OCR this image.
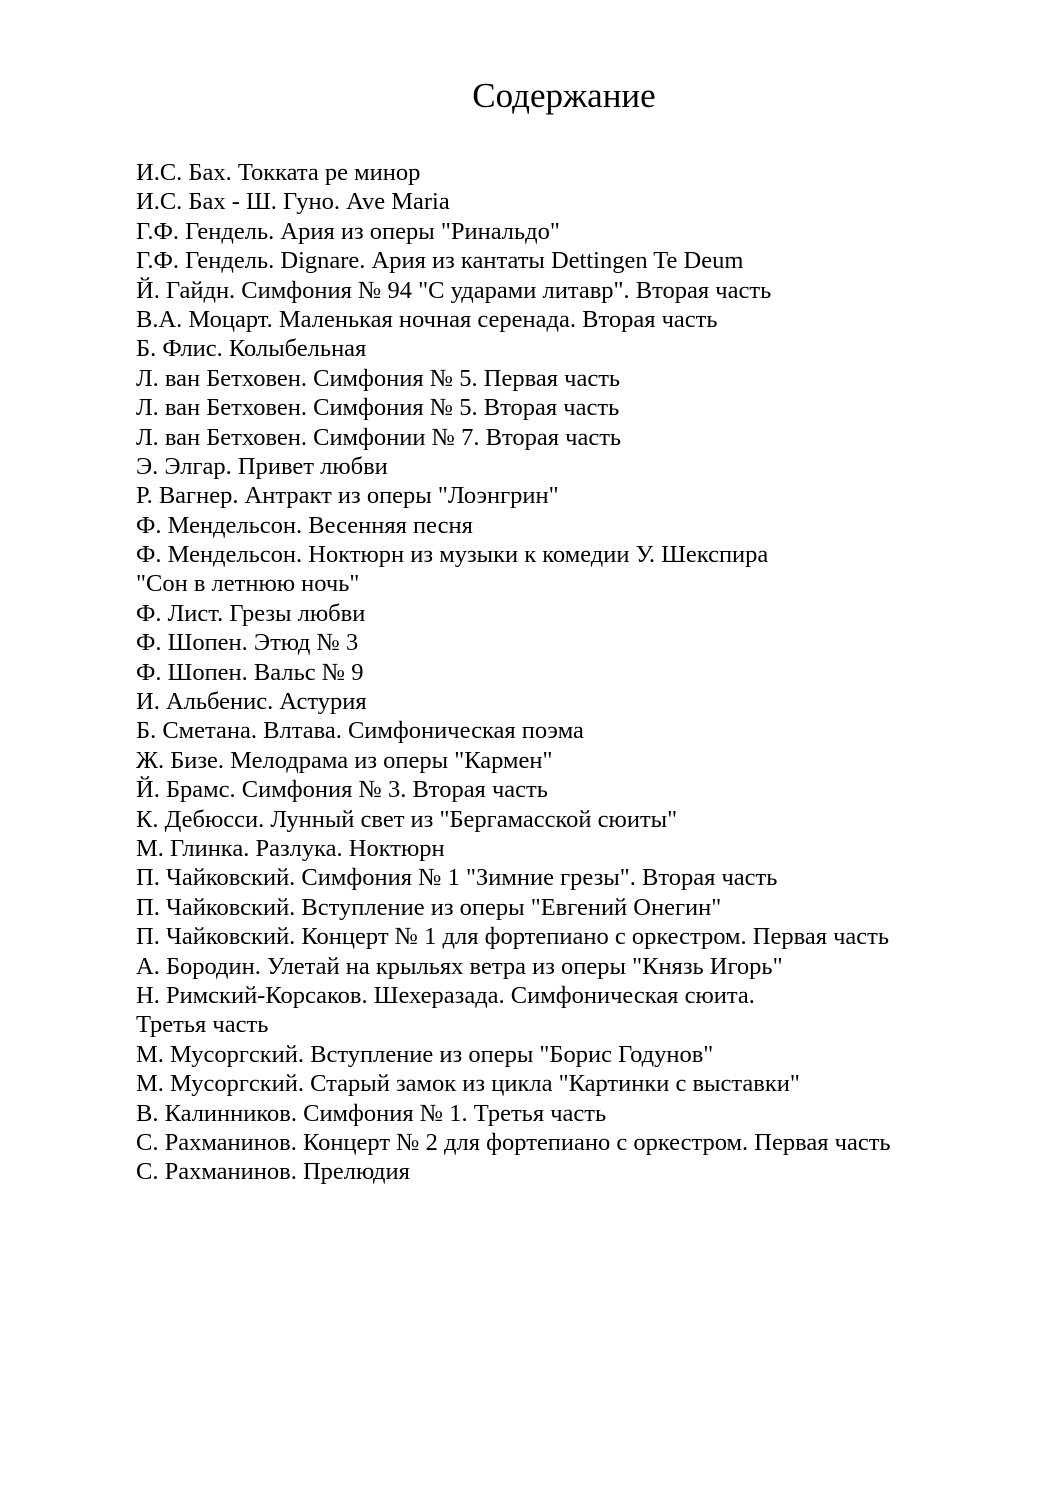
Содержание
И.С. Бах. Токката ре минор
И.С. Бах - Ш. Гуно. Ave Maria
Г.Ф. Гендель. Ария из оперы "Ринальдо"
Г.Ф. Гендель. Dignare. Ария из кантаты Dettingen Te Deum
Й. Гайдн. Симфония № 94 "С ударами литавр". Вторая часть
В.А. Моцарт. Маленькая ночная серенада. Вторая часть
Б. Флис. Колыбельная
Л. ван Бетховен. Симфония № 5. Первая часть
Л. ван Бетховен. Симфония № 5. Вторая часть
Л. ван Бетховен. Симфонии № 7. Вторая часть
Э. Элгар. Привет любви
Р. Вагнер. Антракт из оперы "Лоэнгрин"
Ф. Мендельсон. Весенняя песня
Ф. Мендельсон. Ноктюрн из музыки к комедии У. Шекспира
"Сон в летнюю ночь"
Ф. Лист. Грезы любви
Ф. Шопен. Этюд № 3
Ф. Шопен. Вальс № 9
И. Альбенис. Астурия
Б. Сметана. Влтава. Симфоническая поэма
Ж. Бизе. Мелодрама из оперы "Кармен"
Й. Брамс. Симфония № 3. Вторая часть
К. Дебюсси. Лунный свет из "Бергамасской сюиты"
М. Глинка. Разлука. Ноктюрн
П. Чайковский. Симфония № 1 "Зимние грезы". Вторая часть
П. Чайковский. Вступление из оперы "Евгений Онегин"
П. Чайковский. Концерт № 1 для фортепиано с оркестром. Первая часть
А. Бородин. Улетай на крыльях ветра из оперы "Князь Игорь"
Н. Римский-Корсаков. Шехеразада. Симфоническая сюита.
Третья часть
М. Мусоргский. Вступление из оперы "Борис Годунов"
М. Мусоргский. Старый замок из цикла "Картинки с выставки"
В. Калинников. Симфония № 1. Третья часть
С. Рахманинов. Концерт № 2 для фортепиано с оркестром. Первая часть
С. Рахманинов. Прелюдия
